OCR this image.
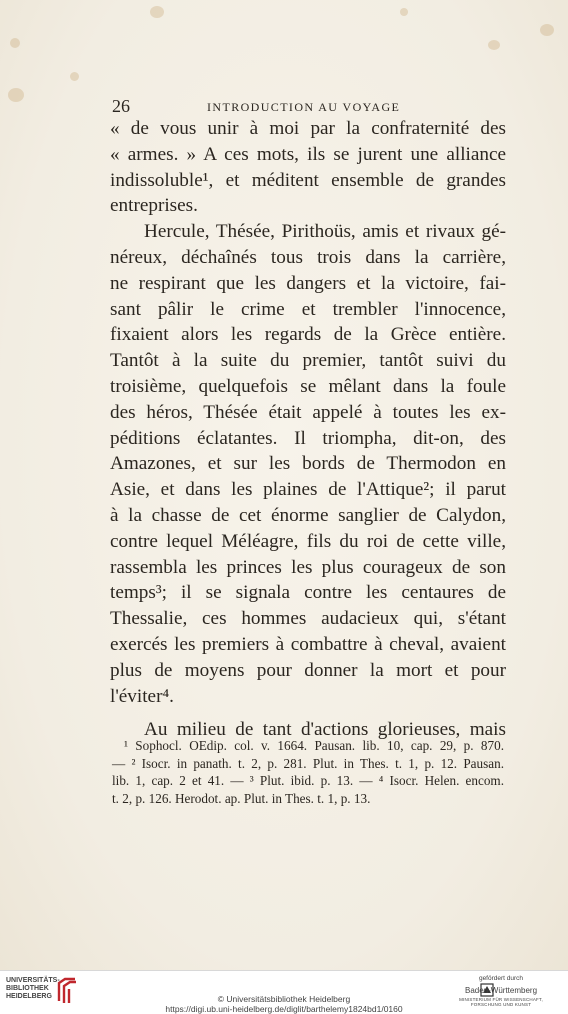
26	INTRODUCTION AU VOYAGE
« de vous unir à moi par la confraternité des
« armes. » A ces mots, ils se jurent une alliance
indissoluble¹, et méditent ensemble de grandes
entreprises.
Hercule, Thésée, Pirithoüs, amis et rivaux gé-
néreux, déchaînés tous trois dans la carrière,
ne respirant que les dangers et la victoire, fai-
sant pâlir le crime et trembler l'innocence,
fixaient alors les regards de la Grèce entière.
Tantôt à la suite du premier, tantôt suivi du
troisième, quelquefois se mêlant dans la foule
des héros, Thésée était appelé à toutes les ex-
péditions éclatantes. Il triompha, dit-on, des
Amazones, et sur les bords de Thermodon en
Asie, et dans les plaines de l'Attique²; il parut
à la chasse de cet énorme sanglier de Calydon,
contre lequel Méléagre, fils du roi de cette ville,
rassembla les princes les plus courageux de son
temps³; il se signala contre les centaures de
Thessalie, ces hommes audacieux qui, s'étant
exercés les premiers à combattre à cheval, avaient
plus de moyens pour donner la mort et pour
l'éviter⁴.
Au milieu de tant d'actions glorieuses, mais
¹ Sophocl. OEdip. col. v. 1664. Pausan. lib. 10, cap. 29, p. 870.
— ² Isocr. in panath. t. 2, p. 281. Plut. in Thes. t. 1, p. 12. Pausan.
lib. 1, cap. 2 et 41. — ³ Plut. ibid. p. 13. — ⁴ Isocr. Helen. encom.
t. 2, p. 126. Herodot. ap. Plut. in Thes. t. 1, p. 13.
UNIVERSITÄTS-
BIBLIOTHEK
HEIDELBERG	© Universitätsbibliothek Heidelberg
https://digi.ub.uni-heidelberg.de/diglit/barthelemy1824bd1/0160
gefördert durch
Baden-Württemberg
MINISTERIUM FÜR WISSENSCHAFT, FORSCHUNG UND KUNST
